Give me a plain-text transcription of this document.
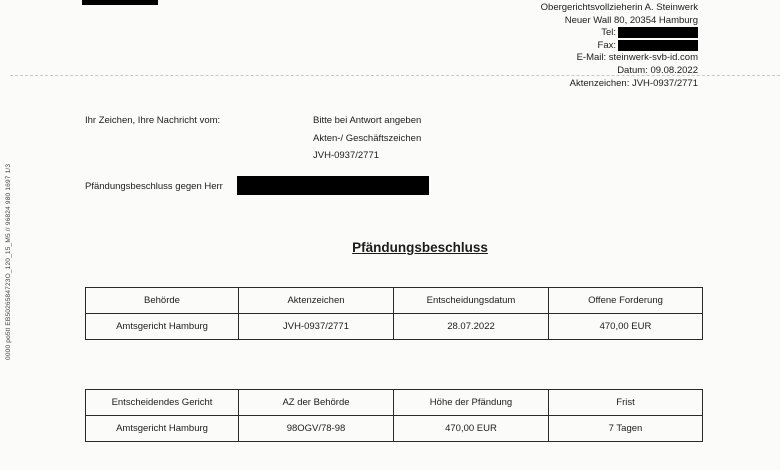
Obergerichtsvollzieherin A. Steinwerk
Neuer Wall 80, 20354 Hamburg
Tel:
Fax:
E-Mail: steinwerk-svb-id.com
Datum: 09.08.2022
Aktenzeichen: JVH-0937/2771
0000 po5tl EB5026584723O_120_15_M5 // 96824 980 1697 1/3
Ihr Zeichen, Ihre Nachricht vom:	Bitte bei Antwort angeben
Akten-/ Geschäftszeichen
JVH-0937/2771
Pfändungsbeschluss gegen Herr
Pfändungsbeschluss
Behörde	Aktenzeichen	Entscheidungsdatum	Offene Forderung
Amtsgericht Hamburg	JVH-0937/2771	28.07.2022	470,00 EUR
Entscheidendes Gericht	AZ der Behörde	Höhe der Pfändung	Frist
Amtsgericht Hamburg	98OGV/78-98	470,00 EUR	7 Tagen
